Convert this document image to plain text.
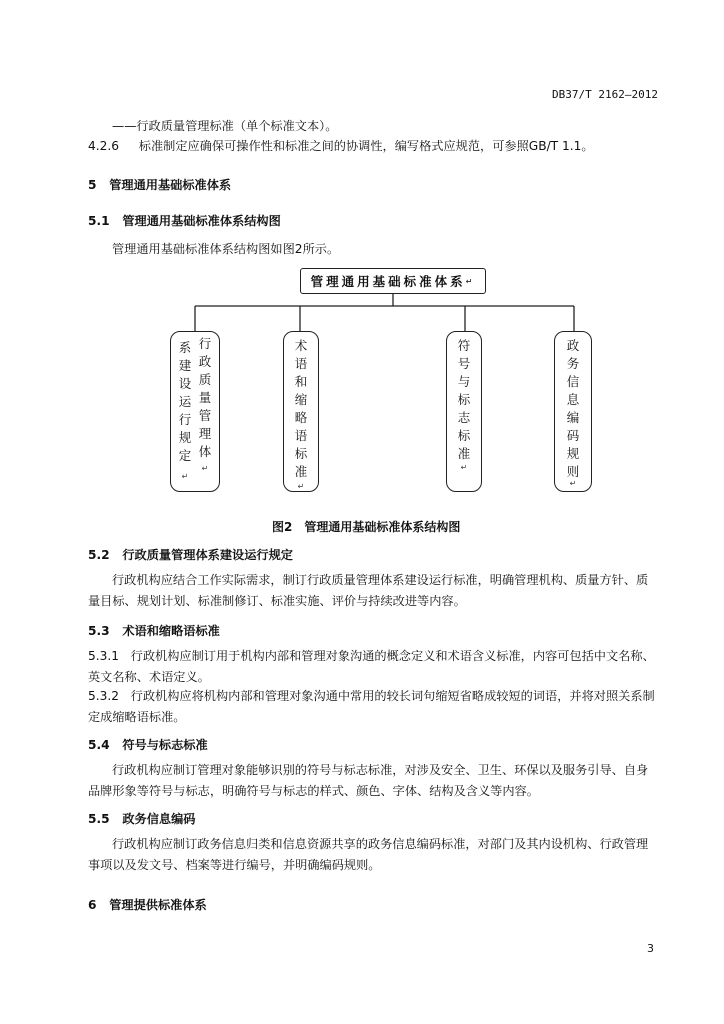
DB37/T 2162—2012
——行政质量管理标准（单个标准文本）。
4.2.6 标准制定应确保可操作性和标准之间的协调性，编写格式应规范，可参照GB/T 1.1。
5 管理通用基础标准体系
5.1 管理通用基础标准体系结构图
管理通用基础标准体系结构图如图2所示。
管理通用基础标准体系 ↵
行政质量管理体
↵
系建设运行规定
↵
术语和缩略语标准
↵
符号与标志标准
↵
政务信息编码规则
↵
图2　管理通用基础标准体系结构图
5.2 行政质量管理体系建设运行规定
行政机构应结合工作实际需求，制订行政质量管理体系建设运行标准，明确管理机构、质量方针、质量目标、规划计划、标准制修订、标准实施、评价与持续改进等内容。
5.3 术语和缩略语标准
5.3.1 行政机构应制订用于机构内部和管理对象沟通的概念定义和术语含义标准，内容可包括中文名称、英文名称、术语定义。
5.3.2 行政机构应将机构内部和管理对象沟通中常用的较长词句缩短省略成较短的词语，并将对照关系制定成缩略语标准。
5.4 符号与标志标准
行政机构应制订管理对象能够识别的符号与标志标准，对涉及安全、卫生、环保以及服务引导、自身品牌形象等符号与标志，明确符号与标志的样式、颜色、字体、结构及含义等内容。
5.5 政务信息编码
行政机构应制订政务信息归类和信息资源共享的政务信息编码标准，对部门及其内设机构、行政管理事项以及发文号、档案等进行编号，并明确编码规则。
6 管理提供标准体系
3
